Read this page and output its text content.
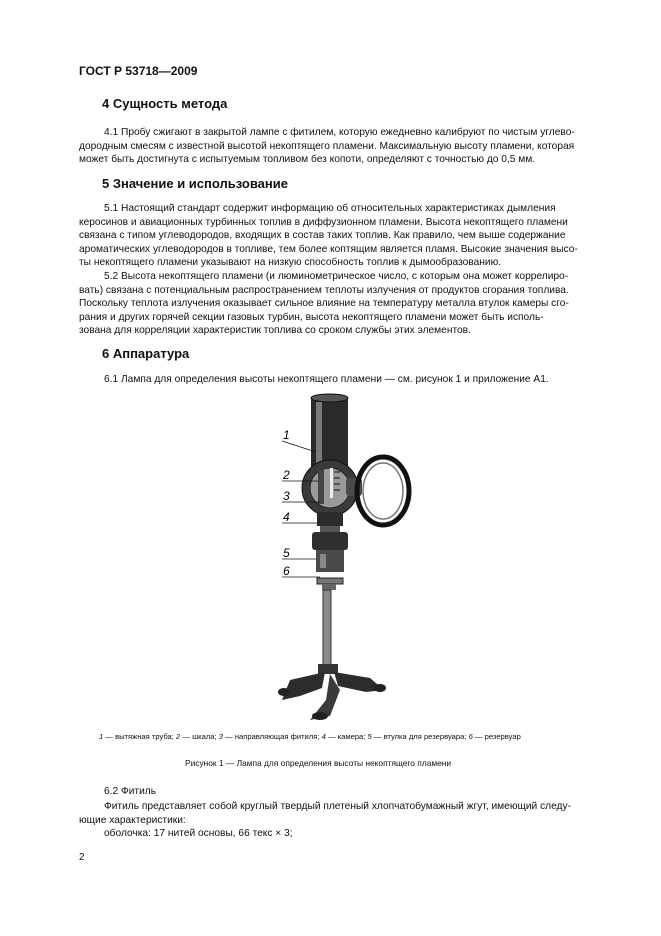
ГОСТ Р 53718—2009
4 Сущность метода
4.1 Пробу сжигают в закрытой лампе с фитилем, которую ежедневно калибруют по чистым углево-
дородным смесям с известной высотой некоптящего пламени. Максимальную высоту пламени, которая
может быть достигнута с испытуемым топливом без копоти, определяют с точностью до 0,5 мм.
5 Значение и использование
5.1 Настоящий стандарт содержит информацию об относительных характеристиках дымления
керосинов и авиационных турбинных топлив в диффузионном пламени. Высота некоптящего пламени
связана с типом углеводородов, входящих в состав таких топлив. Как правило, чем выше содержание
ароматических углеводородов в топливе, тем более коптящим является пламя. Высокие значения высо-
ты некоптящего пламени указывают на низкую способность топлив к дымообразованию.
5.2 Высота некоптящего пламени (и люминометрическое число, с которым она может коррелиро-
вать) связана с потенциальным распространением теплоты излучения от продуктов сгорания топлива.
Поскольку теплота излучения оказывает сильное влияние на температуру металла втулок камеры сго-
рания и других горячей секции газовых турбин, высота некоптящего пламени может быть исполь-
зована для корреляции характеристик топлива со сроком службы этих элементов.
6 Аппаратура
6.1 Лампа для определения высоты некоптящего пламени — см. рисунок 1 и приложение А1.
1
2
3
4
5
6
1 — вытяжная труба; 2 — шкала; 3 — направляющая фитиля; 4 — камера; 5 — втулка для резервуара; 6 — резервуар
Рисунок 1 — Лампа для определения высоты некоптящего пламени
6.2 Фитиль
Фитиль представляет собой круглый твердый плетеный хлопчатобумажный жгут, имеющий следу-
ющие характеристики:
оболочка: 17 нитей основы, 66 текс × 3;
2
